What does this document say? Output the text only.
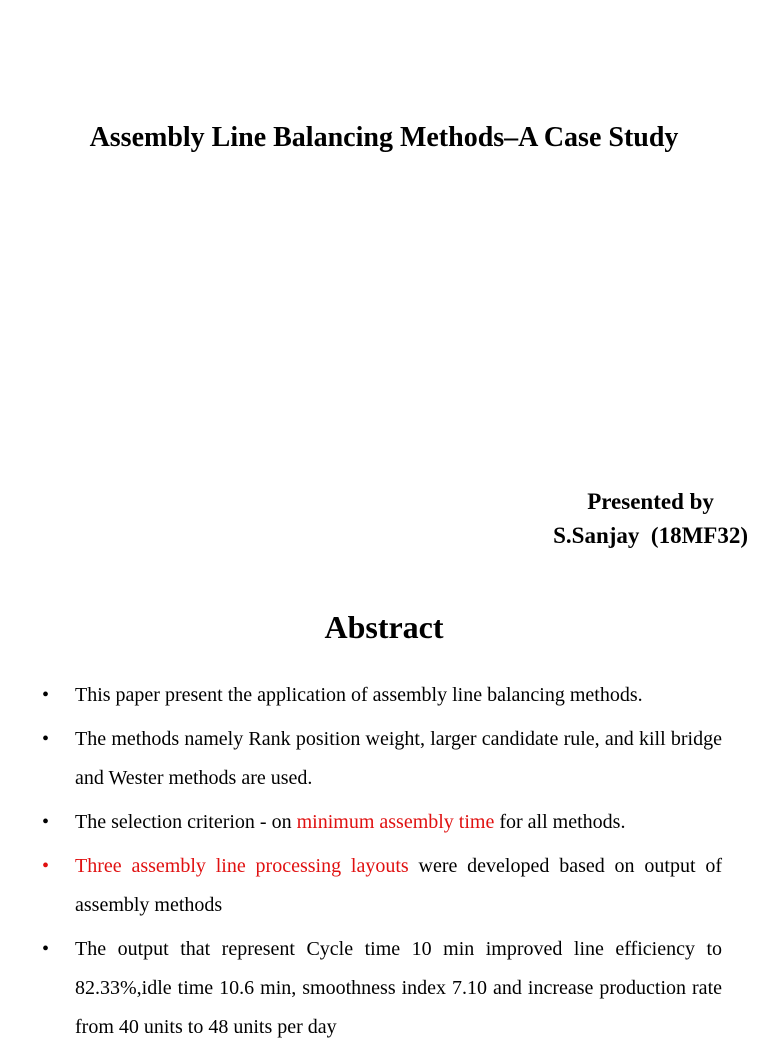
Assembly Line Balancing Methods–A Case Study
Presented by
S.Sanjay  (18MF32)
Abstract
• This paper present the application of assembly line balancing methods.
• The methods namely Rank position weight, larger candidate rule, and kill bridge and Wester methods are used.
• The selection criterion - on minimum assembly time for all methods.
• Three assembly line processing layouts were developed based on output of assembly methods
• The output that represent Cycle time 10 min improved line efficiency to 82.33%,idle time 10.6 min, smoothness index 7.10 and increase production rate from 40 units to 48 units per day
